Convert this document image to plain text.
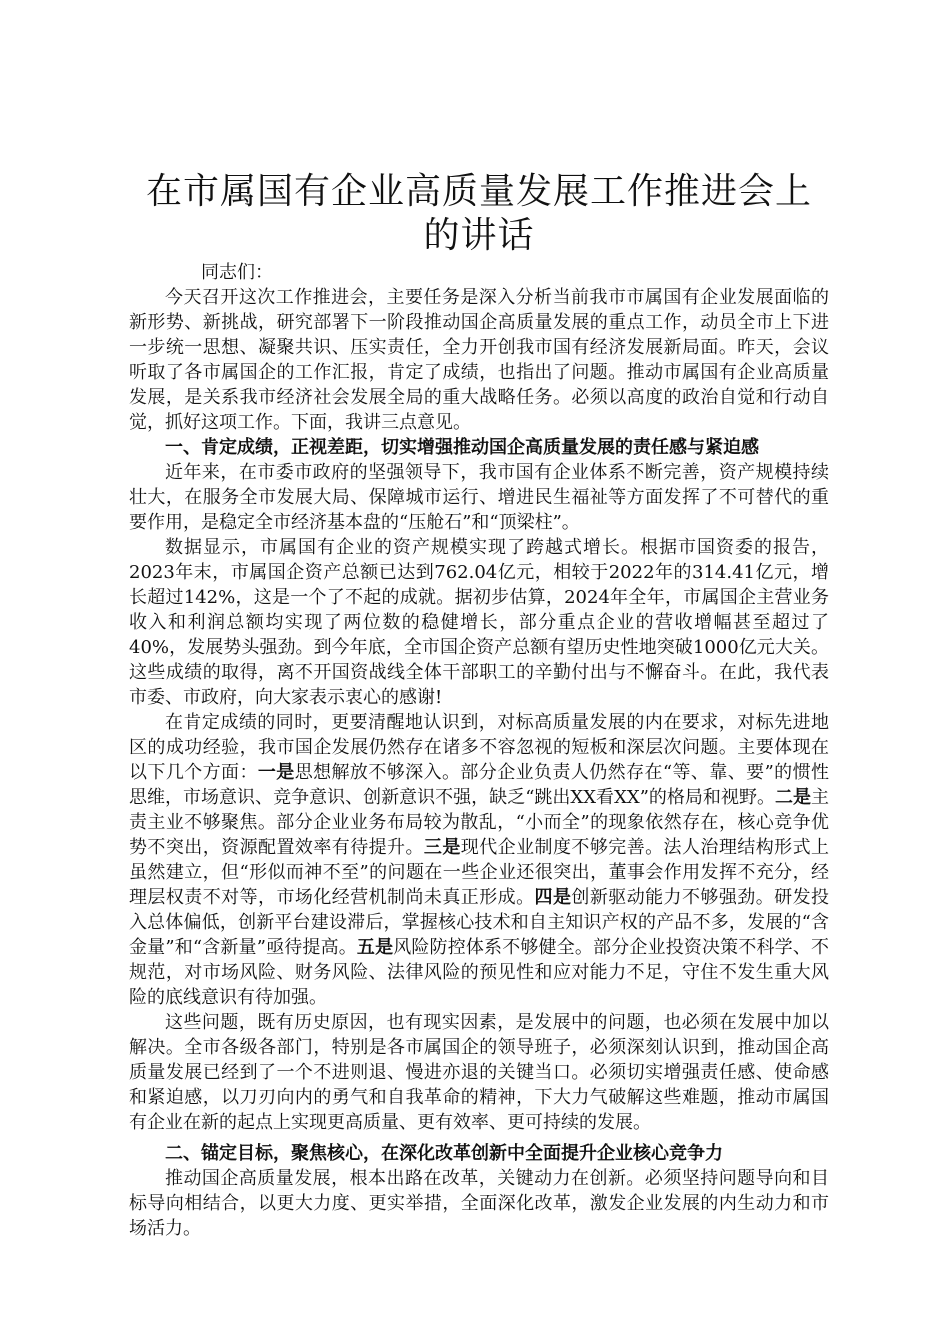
在市属国有企业高质量发展工作推进会上的讲话

同志们：

今天召开这次工作推进会，主要任务是深入分析当前我市市属国有企业发展面临的新形势、新挑战，研究部署下一阶段推动国企高质量发展的重点工作，动员全市上下进一步统一思想、凝聚共识、压实责任，全力开创我市国有经济发展新局面。昨天，会议听取了各市属国企的工作汇报，肯定了成绩，也指出了问题。推动市属国有企业高质量发展，是关系我市经济社会发展全局的重大战略任务。必须以高度的政治自觉和行动自觉，抓好这项工作。下面，我讲三点意见。

一、肯定成绩，正视差距，切实增强推动国企高质量发展的责任感与紧迫感

近年来，在市委市政府的坚强领导下，我市国有企业体系不断完善，资产规模持续壮大，在服务全市发展大局、保障城市运行、增进民生福祉等方面发挥了不可替代的重要作用，是稳定全市经济基本盘的“压舱石”和“顶梁柱”。

数据显示，市属国有企业的资产规模实现了跨越式增长。根据市国资委的报告，2023年末，市属国企资产总额已达到762.04亿元，相较于2022年的314.41亿元，增长超过142%，这是一个了不起的成就。据初步估算，2024年全年，市属国企主营业务收入和利润总额均实现了两位数的稳健增长，部分重点企业的营收增幅甚至超过了40%，发展势头强劲。到今年底，全市国企资产总额有望历史性地突破1000亿元大关。这些成绩的取得，离不开国资战线全体干部职工的辛勤付出与不懈奋斗。在此，我代表市委、市政府，向大家表示衷心的感谢!

在肯定成绩的同时，更要清醒地认识到，对标高质量发展的内在要求，对标先进地区的成功经验，我市国企发展仍然存在诸多不容忽视的短板和深层次问题。主要体现在以下几个方面：一是思想解放不够深入。部分企业负责人仍然存在“等、靠、要”的惯性思维，市场意识、竞争意识、创新意识不强，缺乏“跳出XX看XX”的格局和视野。二是主责主业不够聚焦。部分企业业务布局较为散乱，“小而全”的现象依然存在，核心竞争优势不突出，资源配置效率有待提升。三是现代企业制度不够完善。法人治理结构形式上虽然建立，但“形似而神不至”的问题在一些企业还很突出，董事会作用发挥不充分，经理层权责不对等，市场化经营机制尚未真正形成。四是创新驱动能力不够强劲。研发投入总体偏低，创新平台建设滞后，掌握核心技术和自主知识产权的产品不多，发展的“含金量”和“含新量”亟待提高。五是风险防控体系不够健全。部分企业投资决策不科学、不规范，对市场风险、财务风险、法律风险的预见性和应对能力不足，守住不发生重大风险的底线意识有待加强。

这些问题，既有历史原因，也有现实因素，是发展中的问题，也必须在发展中加以解决。全市各级各部门，特别是各市属国企的领导班子，必须深刻认识到，推动国企高质量发展已经到了一个不进则退、慢进亦退的关键当口。必须切实增强责任感、使命感和紧迫感，以刀刃向内的勇气和自我革命的精神，下大力气破解这些难题，推动市属国有企业在新的起点上实现更高质量、更有效率、更可持续的发展。

二、锚定目标，聚焦核心，在深化改革创新中全面提升企业核心竞争力

推动国企高质量发展，根本出路在改革，关键动力在创新。必须坚持问题导向和目标导向相结合，以更大力度、更实举措，全面深化改革，激发企业发展的内生动力和市场活力。
